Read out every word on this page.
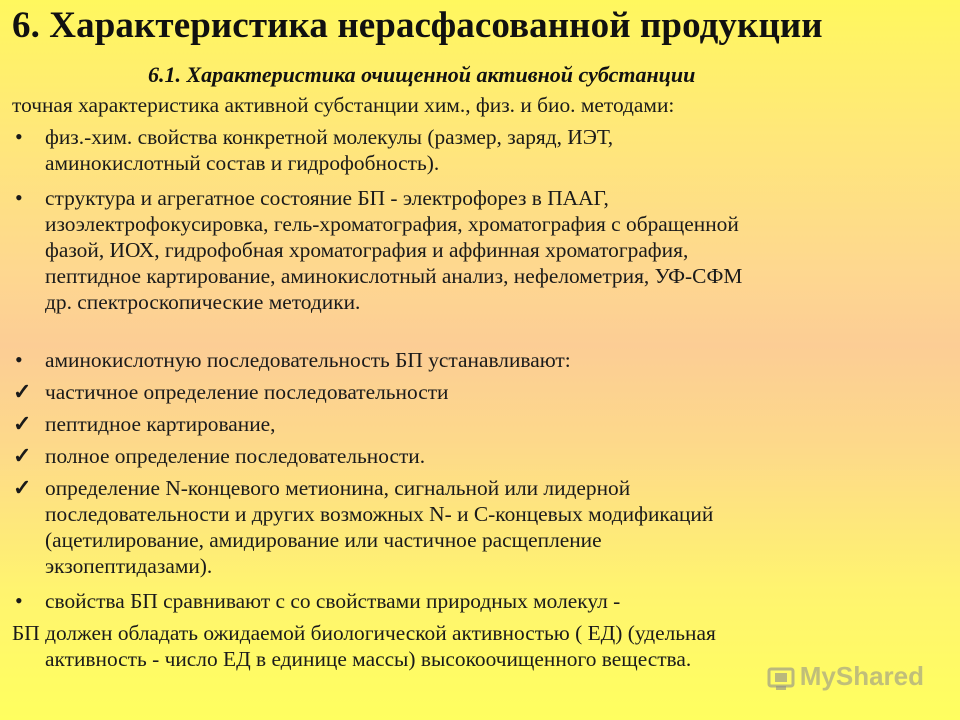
6. Характеристика нерасфасованной продукции
6.1. Характеристика очищенной активной субстанции

точная характеристика активной субстанции хим., физ. и био. методами:

• физ.-хим. свойства конкретной молекулы (размер, заряд, ИЭТ,
аминокислотный состав и гидрофобность).
• структура и агрегатное состояние БП - электрофорез в ПААГ,
изоэлектрофокусировка, гель-хроматография, хроматография с обращенной
фазой, ИОХ, гидрофобная хроматография и аффинная хроматография,
пептидное картирование, аминокислотный анализ, нефелометрия, УФ-СФМ
др. спектроскопические методики.
• аминокислотную последовательность БП устанавливают:
✓ частичное определение последовательности
✓ пептидное картирование,
✓ полное определение последовательности.
✓ определение N-концевого метионина, сигнальной или лидерной
последовательности и других возможных N- и С-концевых модификаций
(ацетилирование, амидирование или частичное расщепление
экзопептидазами).
• свойства БП сравнивают с со свойствами природных молекул -
БП должен обладать ожидаемой биологической активностью ( ЕД) (удельная
активность - число ЕД в единице массы) высокоочищенного вещества.
MyShared
